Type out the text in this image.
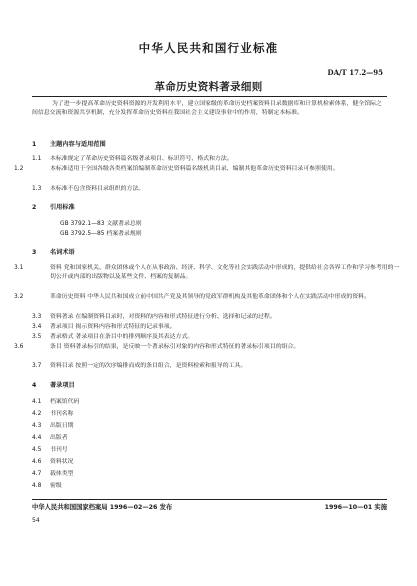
中华人民共和国行业标准
DA/T 17.2—95
革命历史资料著录细则
为了进一步提高革命历史资料资源的开发利用水平，建立国家级的革命历史档案资料目录数据库和计算机检索体系，健全馆际之间信息交流和资源共享机制，充分发挥革命历史资料在我国社会主义建设事业中的作用，特制定本标准。
1 主题内容与适用范围
1.1 本标准规定了革命历史资料篇名级著录项目、标识符号、格式和方法。
1.2	本标准适用于全国各级各类档案馆编制革命历史资料篇名级机读目录，编制其他革命历史资料目录可参照使用。
1.3 本标准不包含资料目录组织的方法。
2 引用标准
GB 3792.1—83 文献著录总则
GB 3792.5—85 档案著录规则
3 名词术语
3.1	资料 党和国家机关、群众团体或个人在从事政治、经济、科学、文化等社会实践活动中形成的，提供给社会各界工作和学习参考用的一切公开或内部的出版物以及某些文件、档案的复制品。
3.2	革命历史资料 中华人民共和国成立前中国共产党及其领导的党政军群机构及其他革命团体和个人在实践活动中形成的资料。
3.3 资料著录 在编制资料目录时，对资料的内容和形式特征进行分析、选择和记录的过程。
3.4 著录项目 揭示资料内容和形式特征的记录事项。
3.5 著录格式 著录项目在条目中的排列顺序及其表达方式。
3.6	条目 资料著录标引的结果，是反映一个著录标引对象的内容和形式特征的著录标引项目的组合。
3.7 资料目录 按照一定的次序编排而成的条目组合，是资料检索和报导的工具。
4 著录项目
4.1 档案馆代码
4.2 书刊名称
4.3 出版日期
4.4 出版者
4.5 书刊号
4.6 资料状况
4.7 载体类型
4.8 密级
中华人民共和国国家档案局 1996—02—26 发布	1996—10—01 实施
54
